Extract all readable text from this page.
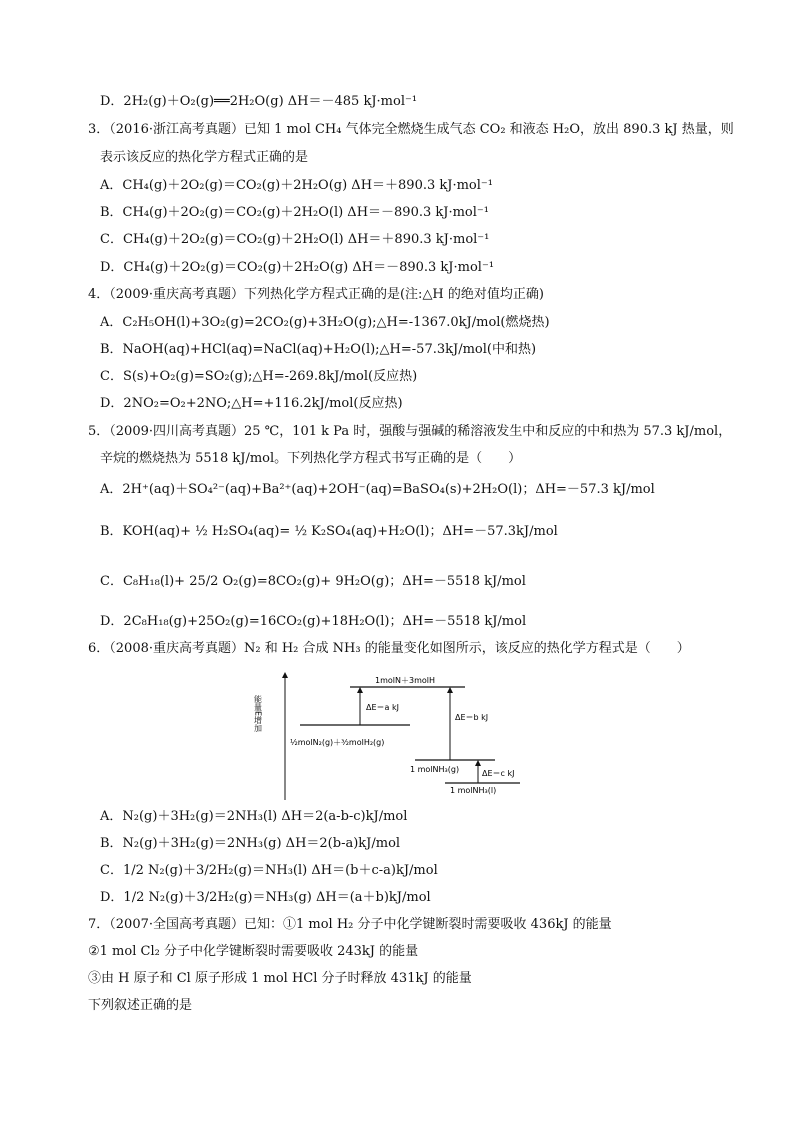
D．2H₂(g)＋O₂(g)══2H₂O(g) ΔH＝－485 kJ·mol⁻¹
3．（2016·浙江高考真题）已知 1 mol CH₄ 气体完全燃烧生成气态 CO₂ 和液态 H₂O，放出 890.3 kJ 热量，则
表示该反应的热化学方程式正确的是
A．CH₄(g)＋2O₂(g)＝CO₂(g)＋2H₂O(g) ΔH＝＋890.3 kJ·mol⁻¹
B．CH₄(g)＋2O₂(g)＝CO₂(g)＋2H₂O(l) ΔH＝－890.3 kJ·mol⁻¹
C．CH₄(g)＋2O₂(g)＝CO₂(g)＋2H₂O(l) ΔH＝＋890.3 kJ·mol⁻¹
D．CH₄(g)＋2O₂(g)＝CO₂(g)＋2H₂O(g) ΔH＝－890.3 kJ·mol⁻¹
4．（2009·重庆高考真题）下列热化学方程式正确的是(注:△H 的绝对值均正确)
A．C₂H₅OH(l)+3O₂(g)=2CO₂(g)+3H₂O(g);△H=-1367.0kJ/mol(燃烧热)
B．NaOH(aq)+HCl(aq)=NaCl(aq)+H₂O(l);△H=-57.3kJ/mol(中和热)
C．S(s)+O₂(g)=SO₂(g);△H=-269.8kJ/mol(反应热)
D．2NO₂=O₂+2NO;△H=+116.2kJ/mol(反应热)
5．（2009·四川高考真题）25 ℃，101 k Pa 时，强酸与强碱的稀溶液发生中和反应的中和热为 57.3 kJ/mol，
辛烷的燃烧热为 5518 kJ/mol。下列热化学方程式书写正确的是（　　）
A．2H⁺(aq)＋SO₄²⁻(aq)+Ba²⁺(aq)+2OH⁻(aq)=BaSO₄(s)+2H₂O(l)；ΔH=－57.3 kJ/mol
B．KOH(aq)+ ½ H₂SO₄(aq)= ½ K₂SO₄(aq)+H₂O(l)；ΔH=－57.3kJ/mol
C．C₈H₁₈(l)+ 25/2 O₂(g)=8CO₂(g)+ 9H₂O(g)；ΔH=－5518 kJ/mol
D．2C₈H₁₈(g)+25O₂(g)=16CO₂(g)+18H₂O(l)；ΔH=－5518 kJ/mol
6．（2008·重庆高考真题）N₂ 和 H₂ 合成 NH₃ 的能量变化如图所示，该反应的热化学方程式是（　　）
能量E增加
1molN＋3molH
½molN₂(g)＋³⁄₂molH₂(g)
ΔE＝a kJ
1 molNH₃(g)
ΔE＝b kJ
1 molNH₃(l)
ΔE＝c kJ
A．N₂(g)＋3H₂(g)＝2NH₃(l) ΔH＝2(a-b-c)kJ/mol
B．N₂(g)＋3H₂(g)＝2NH₃(g) ΔH＝2(b-a)kJ/mol
C．1/2 N₂(g)＋3/2H₂(g)＝NH₃(l) ΔH＝(b＋c-a)kJ/mol
D．1/2 N₂(g)＋3/2H₂(g)＝NH₃(g) ΔH＝(a＋b)kJ/mol
7．（2007·全国高考真题）已知：①1 mol H₂ 分子中化学键断裂时需要吸收 436kJ 的能量
②1 mol Cl₂ 分子中化学键断裂时需要吸收 243kJ 的能量
③由 H 原子和 Cl 原子形成 1 mol HCl 分子时释放 431kJ 的能量
下列叙述正确的是
